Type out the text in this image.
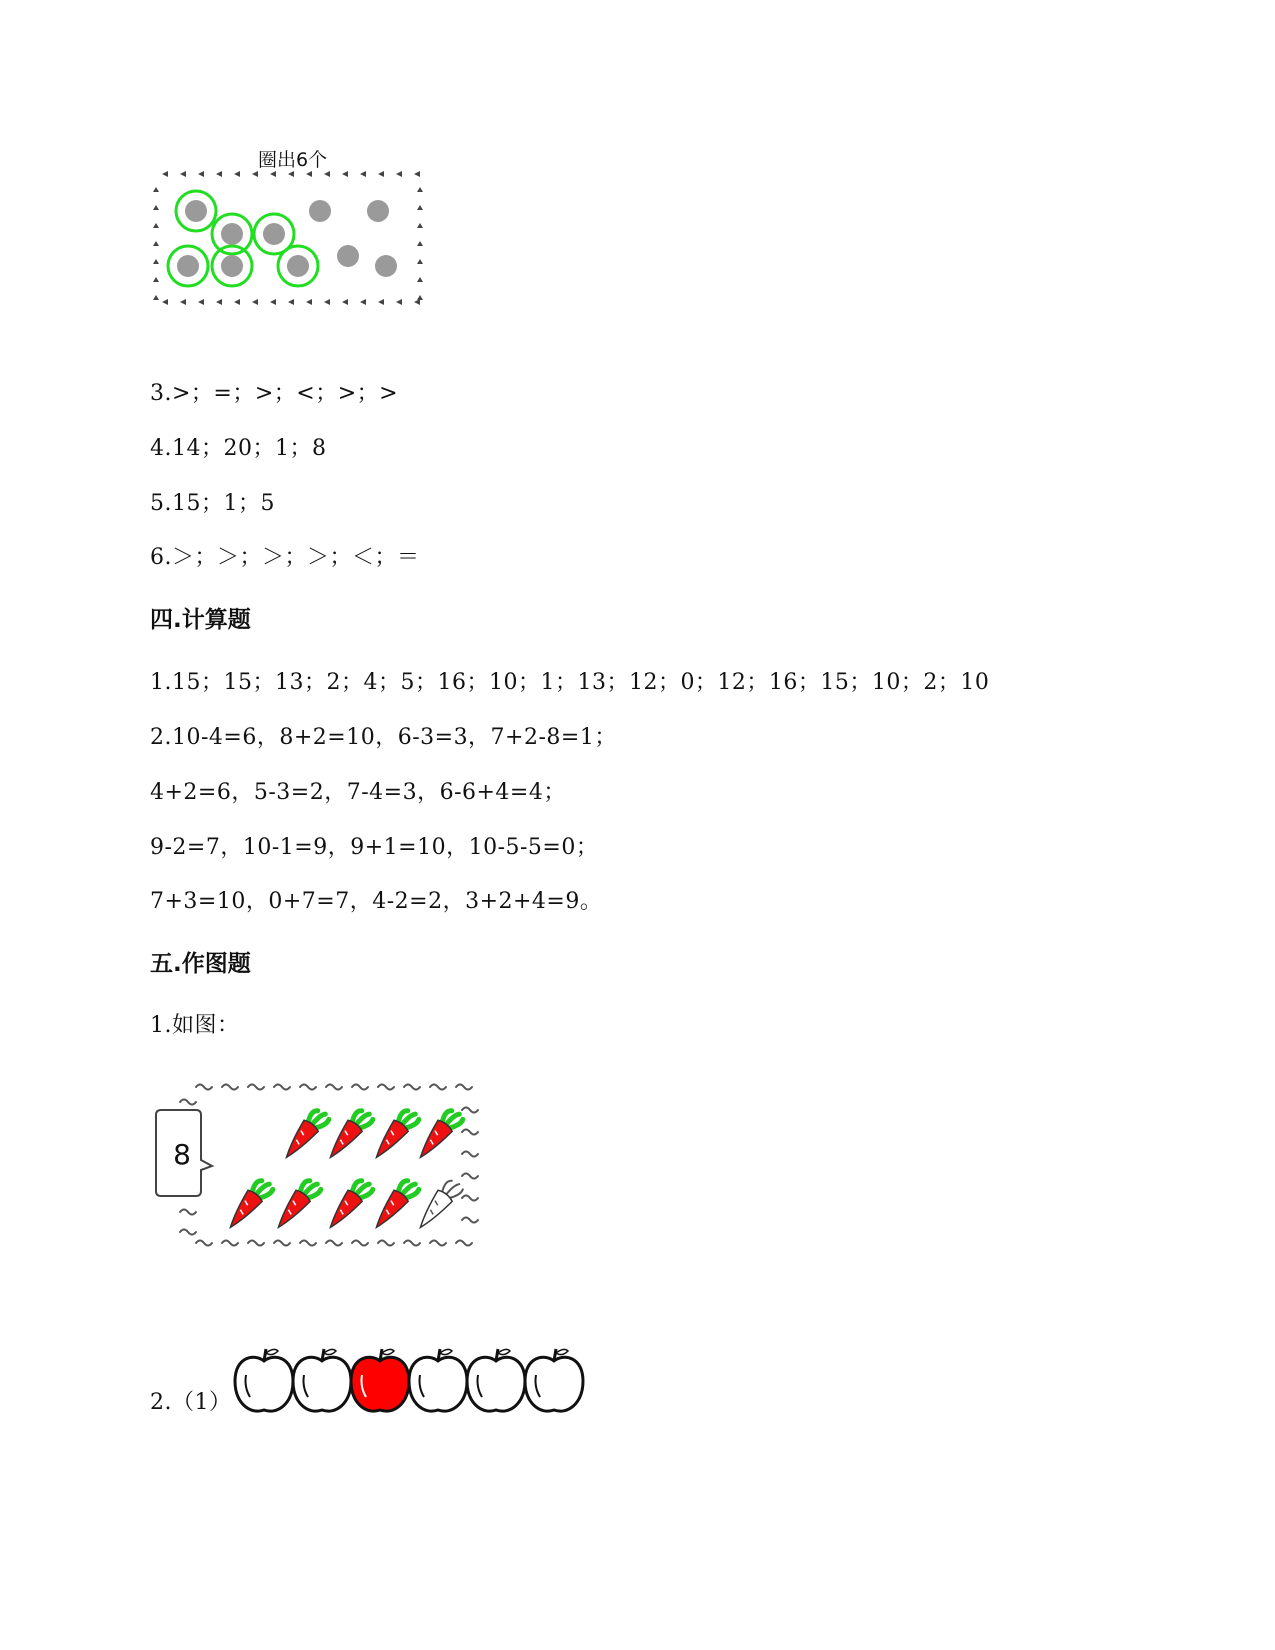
圈出6个
3.>；=；>；<；>；>
4.14；20；1；8
5.15；1；5
6.＞；＞；＞；＞；＜；＝
四.计算题
1.15；15；13；2；4；5；16；10；1；13；12；0；12；16；15；10；2；10
2.10-4=6，8+2=10，6-3=3，7+2-8=1；
4+2=6，5-3=2，7-4=3，6-6+4=4；
9-2=7，10-1=9，9+1=10，10-5-5=0；
7+3=10，0+7=7，4-2=2，3+2+4=9。
五.作图题
1.如图：
8
2.（1）
